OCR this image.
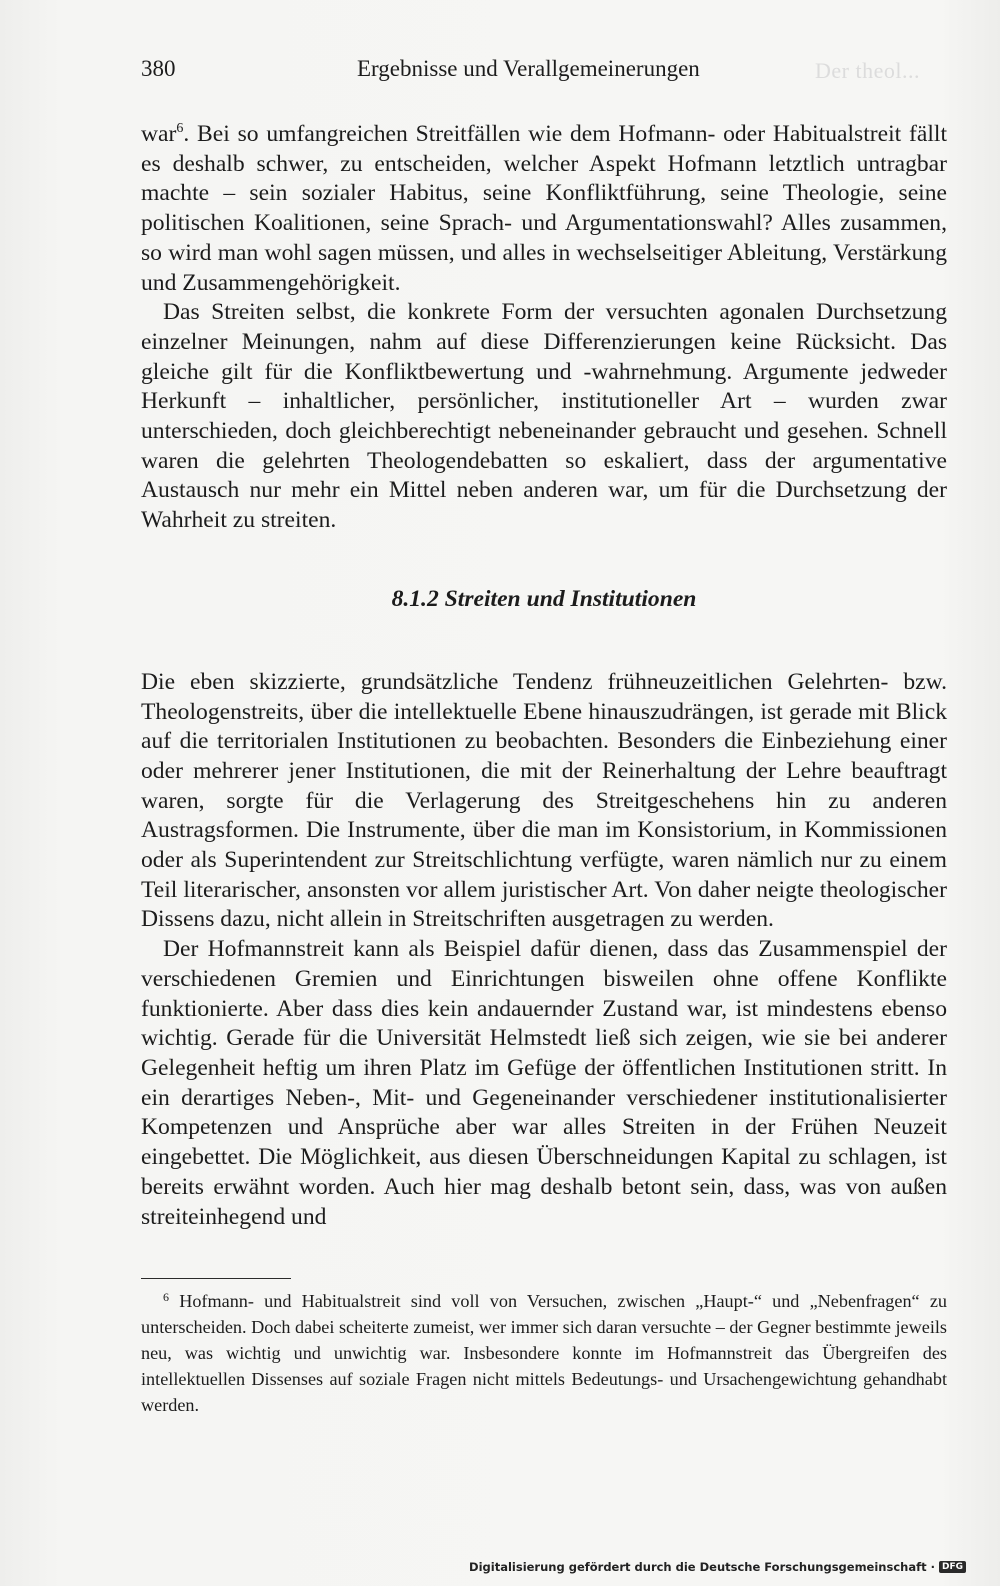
Der theol...
380	Ergebnisse und Verallgemeinerungen

war$^6$. Bei so umfangreichen Streitfällen wie dem Hofmann- oder Habitualstreit fällt es deshalb schwer, zu entscheiden, welcher Aspekt Hofmann letztlich untragbar machte – sein sozialer Habitus, seine Konfliktführung, seine Theologie, seine politischen Koalitionen, seine Sprach- und Argumentationswahl? Alles zusammen, so wird man wohl sagen müssen, und alles in wechselseitiger Ableitung, Verstärkung und Zusammengehörigkeit.

Das Streiten selbst, die konkrete Form der versuchten agonalen Durchsetzung einzelner Meinungen, nahm auf diese Differenzierungen keine Rücksicht. Das gleiche gilt für die Konfliktbewertung und -wahrnehmung. Argumente jedweder Herkunft – inhaltlicher, persönlicher, institutioneller Art – wurden zwar unterschieden, doch gleichberechtigt nebeneinander gebraucht und gesehen. Schnell waren die gelehrten Theologendebatten so eskaliert, dass der argumentative Austausch nur mehr ein Mittel neben anderen war, um für die Durchsetzung der Wahrheit zu streiten.

8.1.2 Streiten und Institutionen

Die eben skizzierte, grundsätzliche Tendenz frühneuzeitlichen Gelehrten- bzw. Theologenstreits, über die intellektuelle Ebene hinauszudrängen, ist gerade mit Blick auf die territorialen Institutionen zu beobachten. Besonders die Einbeziehung einer oder mehrerer jener Institutionen, die mit der Reinerhaltung der Lehre beauftragt waren, sorgte für die Verlagerung des Streitgeschehens hin zu anderen Austragsformen. Die Instrumente, über die man im Konsistorium, in Kommissionen oder als Superintendent zur Streitschlichtung verfügte, waren nämlich nur zu einem Teil literarischer, ansonsten vor allem juristischer Art. Von daher neigte theologischer Dissens dazu, nicht allein in Streitschriften ausgetragen zu werden.

Der Hofmannstreit kann als Beispiel dafür dienen, dass das Zusammenspiel der verschiedenen Gremien und Einrichtungen bisweilen ohne offene Konflikte funktionierte. Aber dass dies kein andauernder Zustand war, ist mindestens ebenso wichtig. Gerade für die Universität Helmstedt ließ sich zeigen, wie sie bei anderer Gelegenheit heftig um ihren Platz im Gefüge der öffentlichen Institutionen stritt. In ein derartiges Neben-, Mit- und Gegeneinander verschiedener institutionalisierter Kompetenzen und Ansprüche aber war alles Streiten in der Frühen Neuzeit eingebettet. Die Möglichkeit, aus diesen Überschneidungen Kapital zu schlagen, ist bereits erwähnt worden. Auch hier mag deshalb betont sein, dass, was von außen streiteinhegend und

$^6$ Hofmann- und Habitualstreit sind voll von Versuchen, zwischen „Haupt-“ und „Nebenfragen“ zu unterscheiden. Doch dabei scheiterte zumeist, wer immer sich daran versuchte – der Gegner bestimmte jeweils neu, was wichtig und unwichtig war. Insbesondere konnte im Hofmannstreit das Übergreifen des intellektuellen Dissenses auf soziale Fragen nicht mittels Bedeutungs- und Ursachengewichtung gehandhabt werden.

Digitalisierung gefördert durch die Deutsche Forschungsgemeinschaft · DFG
